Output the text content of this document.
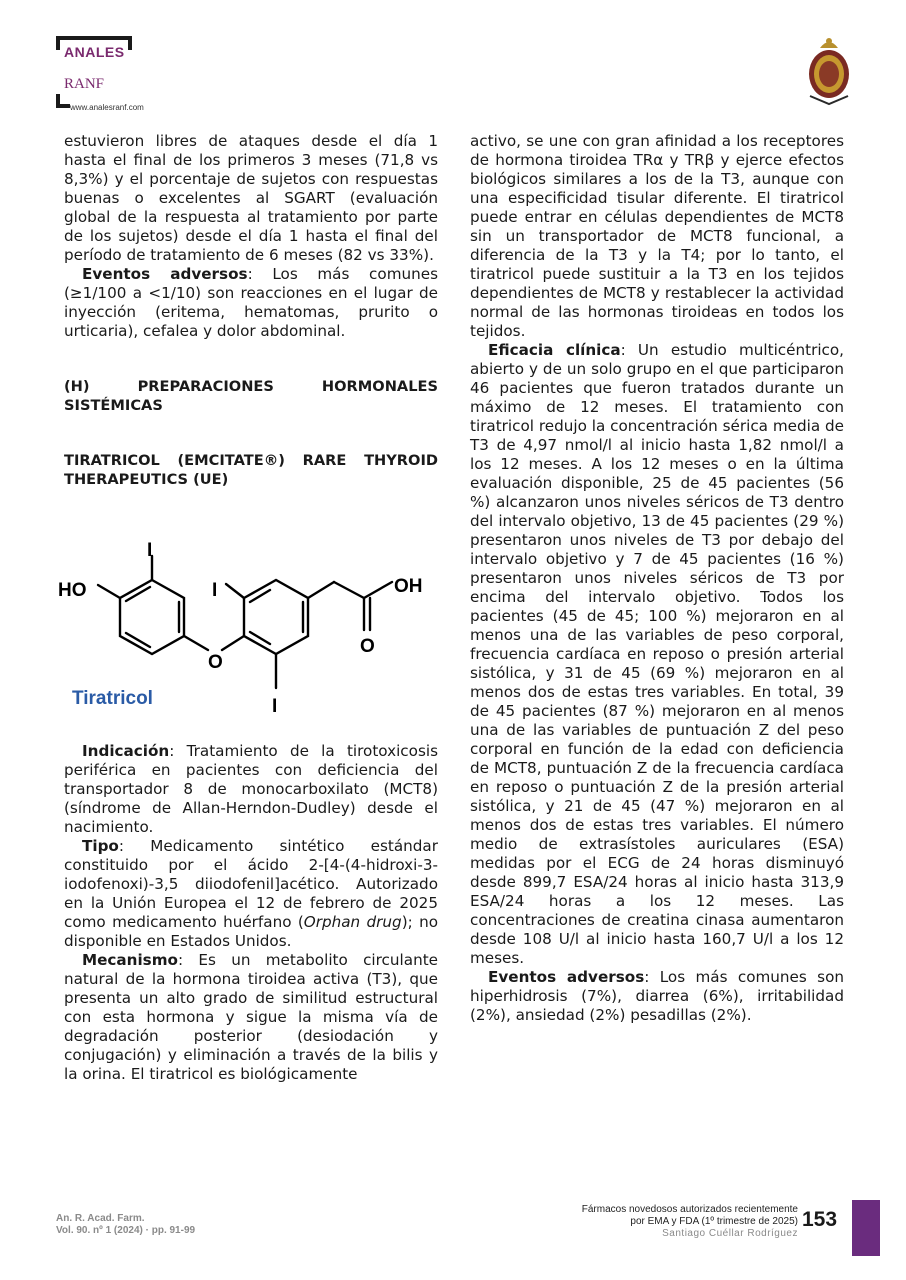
ANALES
RANF
www.analesranf.com

estuvieron libres de ataques desde el día 1 hasta el final de los primeros 3 meses (71,8 vs 8,3%) y el porcentaje de sujetos con respuestas buenas o excelentes al SGART (evaluación global de la respuesta al tratamiento por parte de los sujetos) desde el día 1 hasta el final del período de tratamiento de 6 meses (82 vs 33%).

Eventos adversos: Los más comunes (≥1/100 a <1/10) son reacciones en el lugar de inyección (eritema, hematomas, prurito o urticaria), cefalea y dolor abdominal.

(H) PREPARACIONES HORMONALES SISTÉMICAS

TIRATRICOL (EMCITATE®) RARE THYROID THERAPEUTICS (UE)

HO
I
O
I
I
OH
O
Tiratricol

Indicación: Tratamiento de la tirotoxicosis periférica en pacientes con deficiencia del transportador 8 de monocarboxilato (MCT8) (síndrome de Allan-Herndon-Dudley) desde el nacimiento.

Tipo: Medicamento sintético estándar constituido por el ácido 2-[4-(4-hidroxi-3-iodofenoxi)-3,5 diiodofenil]acético. Autorizado en la Unión Europea el 12 de febrero de 2025 como medicamento huérfano (Orphan drug); no disponible en Estados Unidos.

Mecanismo: Es un metabolito circulante natural de la hormona tiroidea activa (T3), que presenta un alto grado de similitud estructural con esta hormona y sigue la misma vía de degradación posterior (desiodación y conjugación) y eliminación a través de la bilis y la orina. El tiratricol es biológicamente

activo, se une con gran afinidad a los receptores de hormona tiroidea TRα y TRβ y ejerce efectos biológicos similares a los de la T3, aunque con una especificidad tisular diferente. El tiratricol puede entrar en células dependientes de MCT8 sin un transportador de MCT8 funcional, a diferencia de la T3 y la T4; por lo tanto, el tiratricol puede sustituir a la T3 en los tejidos dependientes de MCT8 y restablecer la actividad normal de las hormonas tiroideas en todos los tejidos.

Eficacia clínica: Un estudio multicéntrico, abierto y de un solo grupo en el que participaron 46 pacientes que fueron tratados durante un máximo de 12 meses. El tratamiento con tiratricol redujo la concentración sérica media de T3 de 4,97 nmol/l al inicio hasta 1,82 nmol/l a los 12 meses. A los 12 meses o en la última evaluación disponible, 25 de 45 pacientes (56 %) alcanzaron unos niveles séricos de T3 dentro del intervalo objetivo, 13 de 45 pacientes (29 %) presentaron unos niveles de T3 por debajo del intervalo objetivo y 7 de 45 pacientes (16 %) presentaron unos niveles séricos de T3 por encima del intervalo objetivo. Todos los pacientes (45 de 45; 100 %) mejoraron en al menos una de las variables de peso corporal, frecuencia cardíaca en reposo o presión arterial sistólica, y 31 de 45 (69 %) mejoraron en al menos dos de estas tres variables. En total, 39 de 45 pacientes (87 %) mejoraron en al menos una de las variables de puntuación Z del peso corporal en función de la edad con deficiencia de MCT8, puntuación Z de la frecuencia cardíaca en reposo o puntuación Z de la presión arterial sistólica, y 21 de 45 (47 %) mejoraron en al menos dos de estas tres variables. El número medio de extrasístoles auriculares (ESA) medidas por el ECG de 24 horas disminuyó desde 899,7 ESA/24 horas al inicio hasta 313,9 ESA/24 horas a los 12 meses. Las concentraciones de creatina cinasa aumentaron desde 108 U/l al inicio hasta 160,7 U/l a los 12 meses.

Eventos adversos: Los más comunes son hiperhidrosis (7%), diarrea (6%), irritabilidad (2%), ansiedad (2%) pesadillas (2%).

An. R. Acad. Farm.
Vol. 90. nº 1 (2024) · pp. 91-99
Fármacos novedosos autorizados recientemente
por EMA y FDA (1º trimestre de 2025)
Santiago Cuéllar Rodríguez
153
